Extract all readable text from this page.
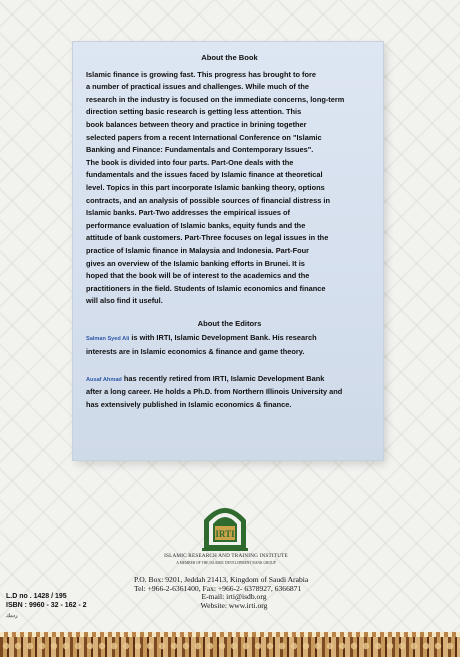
About the Book
Islamic finance is growing fast. This progress has brought to fore
a number of practical issues and challenges. While much of the
research in the industry is focused on the immediate concerns, long-term
direction setting basic research is getting less attention. This
book balances between theory and practice in brining together
selected papers from a recent International Conference on "Islamic
Banking and Finance: Fundamentals and Contemporary Issues".
The book is divided into four parts. Part-One deals with the
fundamentals and the issues faced by Islamic finance at theoretical
level. Topics in this part incorporate Islamic banking theory, options
contracts, and an analysis of possible sources of financial distress in
Islamic banks. Part-Two addresses the empirical issues of
performance evaluation of Islamic banks, equity funds and the
attitude of bank customers. Part-Three focuses on legal issues in the
practice of Islamic finance in Malaysia and Indonesia. Part-Four
gives an overview of the Islamic banking efforts in Brunei. It is
hoped that the book will be of interest to the academics and the
practitioners in the field. Students of Islamic economics and finance
will also find it useful.
About the Editors
Salman Syed Ali is with IRTI, Islamic Development Bank. His research
interests are in Islamic economics & finance and game theory.
Ausaf Ahmad has recently retired from IRTI, Islamic Development Bank
after a long career. He holds a Ph.D. from Northern Illinois University and
has extensively published in Islamic economics & finance.
IRTI
ISLAMIC RESEARCH AND TRAINING INSTITUTE
A MEMBER OF THE ISLAMIC DEVELOPMENT BANK GROUP
P.O. Box: 9201, Jeddah 21413, Kingdom of Saudi Arabia
Tel: +966-2-6361400, Fax: +966-2- 6378927, 6366871
E-mail: irti@isdb.org
Website: www.irti.org
L.D no . 1428 / 195
ISBN : 9960 - 32 - 162 - 2
ردمك
